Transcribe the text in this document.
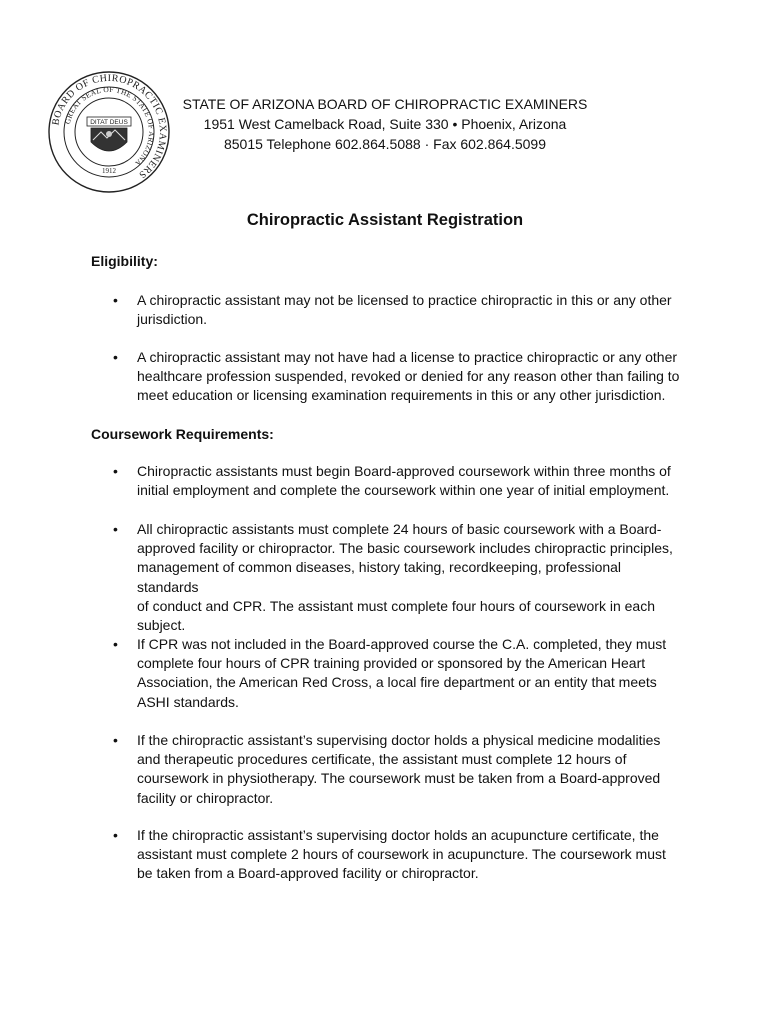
BOARD OF CHIROPRACTIC EXAMINERS
GREAT SEAL OF THE STATE OF ARIZONA
DITAT DEUS
1912
STATE OF ARIZONA BOARD OF CHIROPRACTIC EXAMINERS
1951 West Camelback Road, Suite 330 • Phoenix, Arizona
85015 Telephone 602.864.5088 · Fax 602.864.5099
Chiropractic Assistant Registration
Eligibility:
• A chiropractic assistant may not be licensed to practice chiropractic in this or any other
jurisdiction.
• A chiropractic assistant may not have had a license to practice chiropractic or any other
healthcare profession suspended, revoked or denied for any reason other than failing to
meet education or licensing examination requirements in this or any other jurisdiction.
Coursework Requirements:
• Chiropractic assistants must begin Board-approved coursework within three months of
initial employment and complete the coursework within one year of initial employment.
• All chiropractic assistants must complete 24 hours of basic coursework with a Board-
approved facility or chiropractor. The basic coursework includes chiropractic principles,
management of common diseases, history taking, recordkeeping, professional standards
of conduct and CPR. The assistant must complete four hours of coursework in each
subject.
• If CPR was not included in the Board-approved course the C.A. completed, they must
complete four hours of CPR training provided or sponsored by the American Heart
Association, the American Red Cross, a local fire department or an entity that meets
ASHI standards.
• If the chiropractic assistant’s supervising doctor holds a physical medicine modalities
and therapeutic procedures certificate, the assistant must complete 12 hours of
coursework in physiotherapy. The coursework must be taken from a Board-approved
facility or chiropractor.
• If the chiropractic assistant’s supervising doctor holds an acupuncture certificate, the
assistant must complete 2 hours of coursework in acupuncture. The coursework must
be taken from a Board-approved facility or chiropractor.
